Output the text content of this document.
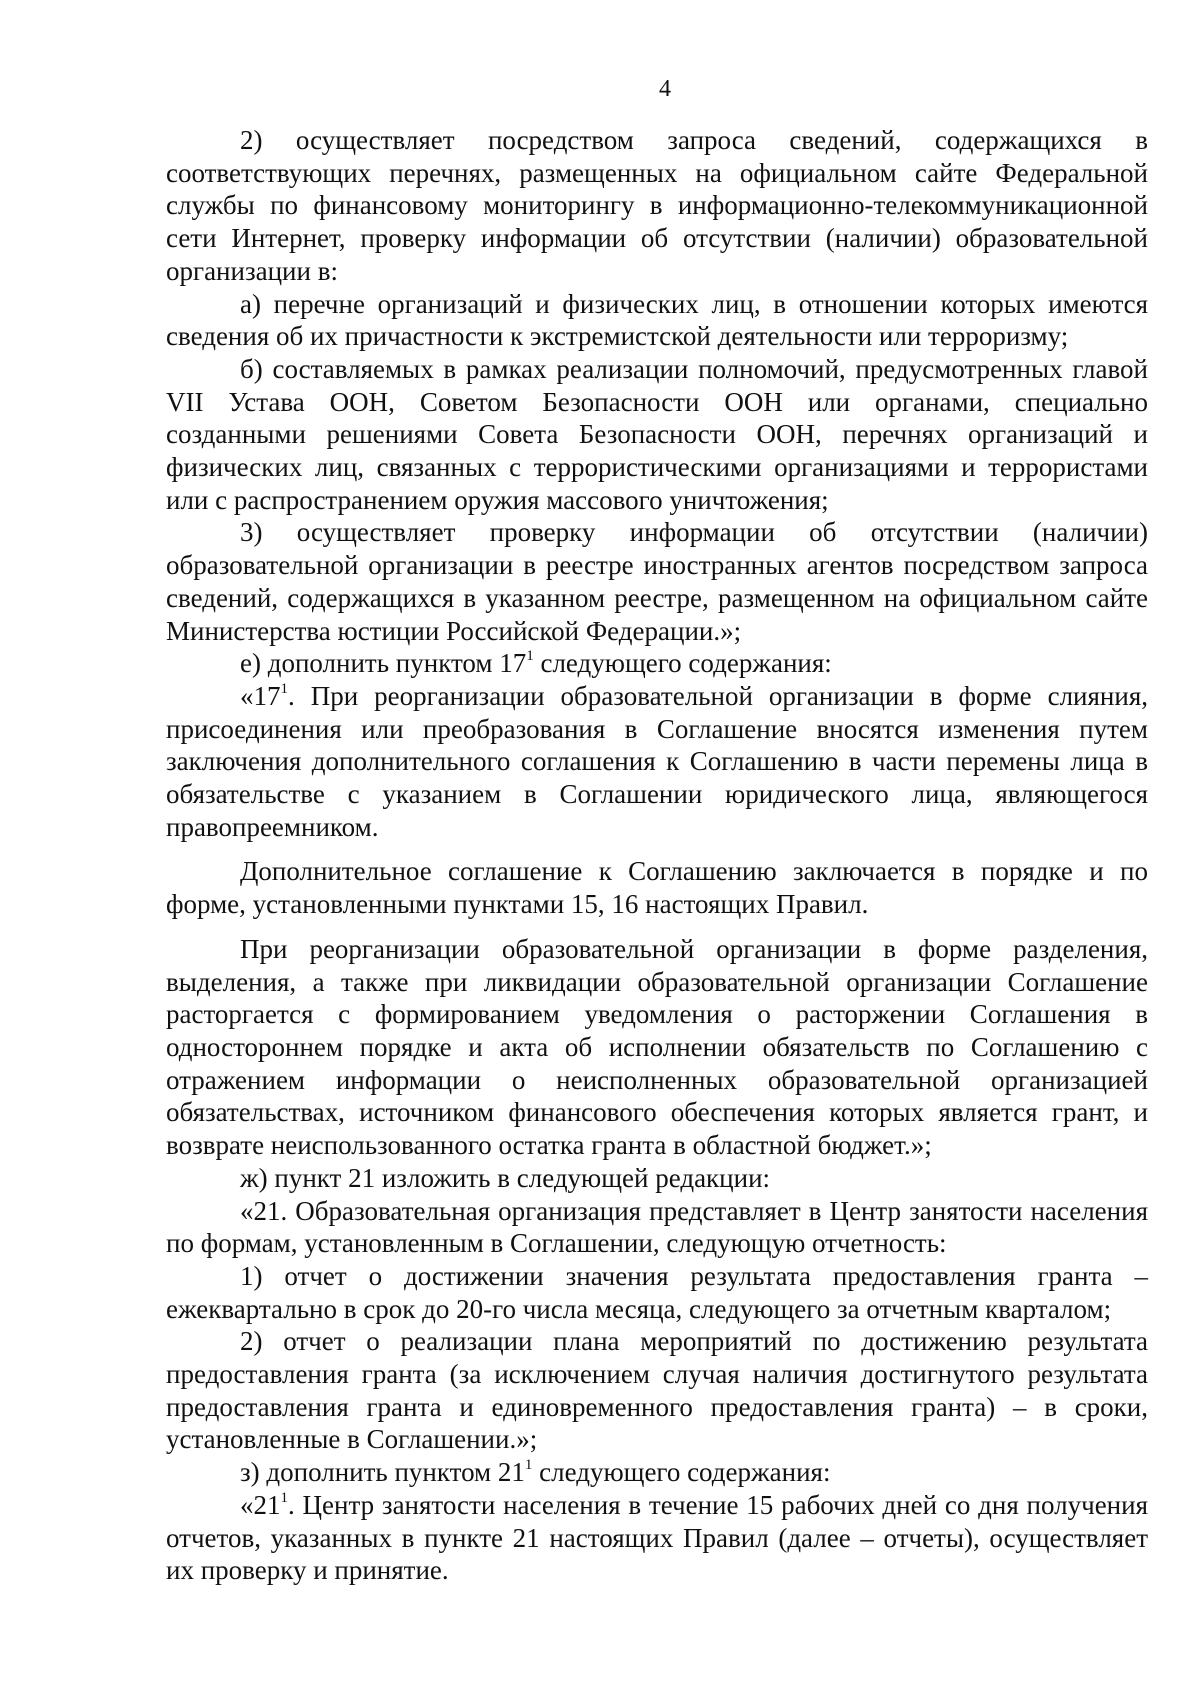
4

2) осуществляет посредством запроса сведений, содержащихся в соответствующих перечнях, размещенных на официальном сайте Федеральной службы по финансовому мониторингу в информационно-телекоммуникационной сети Интернет, проверку информации об отсутствии (наличии) образовательной организации в:

а) перечне организаций и физических лиц, в отношении которых имеются сведения об их причастности к экстремистской деятельности или терроризму;

б) составляемых в рамках реализации полномочий, предусмотренных главой VII Устава ООН, Советом Безопасности ООН или органами, специально созданными решениями Совета Безопасности ООН, перечнях организаций и физических лиц, связанных с террористическими организациями и террористами или с распространением оружия массового уничтожения;

3) осуществляет проверку информации об отсутствии (наличии) образовательной организации в реестре иностранных агентов посредством запроса сведений, содержащихся в указанном реестре, размещенном на официальном сайте Министерства юстиции Российской Федерации.»;

е) дополнить пунктом $17^1$ следующего содержания:

«$17^1$. При реорганизации образовательной организации в форме слияния, присоединения или преобразования в Соглашение вносятся изменения путем заключения дополнительного соглашения к Соглашению в части перемены лица в обязательстве с указанием в Соглашении юридического лица, являющегося правопреемником.

Дополнительное соглашение к Соглашению заключается в порядке и по форме, установленными пунктами 15, 16 настоящих Правил.

При реорганизации образовательной организации в форме разделения, выделения, а также при ликвидации образовательной организации Соглашение расторгается с формированием уведомления о расторжении Соглашения в одностороннем порядке и акта об исполнении обязательств по Соглашению с отражением информации о неисполненных образовательной организацией обязательствах, источником финансового обеспечения которых является грант, и возврате неиспользованного остатка гранта в областной бюджет.»;

ж) пункт 21 изложить в следующей редакции:

«21. Образовательная организация представляет в Центр занятости населения по формам, установленным в Соглашении, следующую отчетность:

1) отчет о достижении значения результата предоставления гранта – ежеквартально в срок до 20-го числа месяца, следующего за отчетным кварталом;

2) отчет о реализации плана мероприятий по достижению результата предоставления гранта (за исключением случая наличия достигнутого результата предоставления гранта и единовременного предоставления гранта) – в сроки, установленные в Соглашении.»;

з) дополнить пунктом $21^1$ следующего содержания:

«$21^1$. Центр занятости населения в течение 15 рабочих дней со дня получения отчетов, указанных в пункте 21 настоящих Правил (далее – отчеты), осуществляет их проверку и принятие.
